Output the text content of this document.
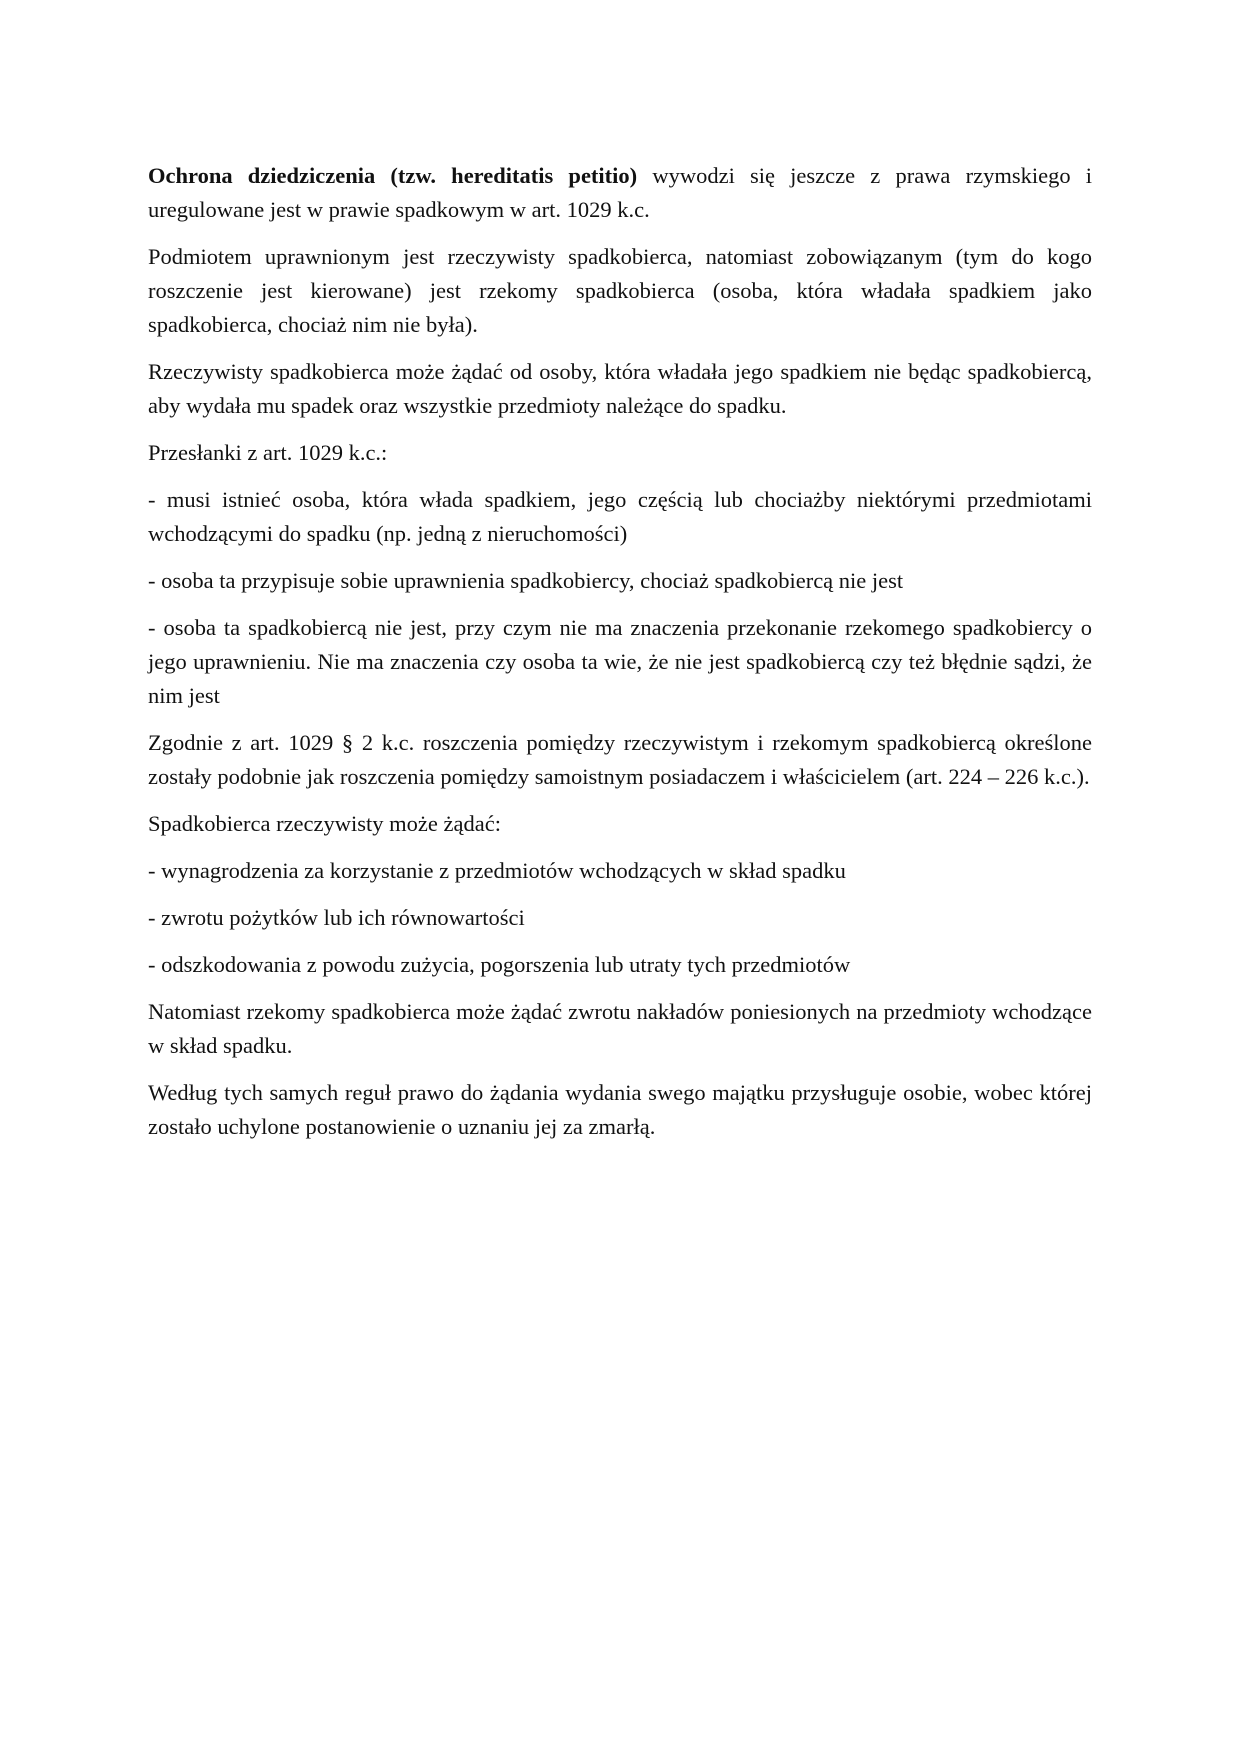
Ochrona dziedziczenia (tzw. hereditatis petitio) wywodzi się jeszcze z prawa rzymskiego i uregulowane jest w prawie spadkowym w art. 1029 k.c.

Podmiotem uprawnionym jest rzeczywisty spadkobierca, natomiast zobowiązanym (tym do kogo roszczenie jest kierowane) jest rzekomy spadkobierca (osoba, która władała spadkiem jako spadkobierca, chociaż nim nie była).

Rzeczywisty spadkobierca może żądać od osoby, która władała jego spadkiem nie będąc spadkobiercą, aby wydała mu spadek oraz wszystkie przedmioty należące do spadku.

Przesłanki z art. 1029 k.c.:

- musi istnieć osoba, która włada spadkiem, jego częścią lub chociażby niektórymi przedmiotami wchodzącymi do spadku (np. jedną z nieruchomości)

- osoba ta przypisuje sobie uprawnienia spadkobiercy, chociaż spadkobiercą nie jest

- osoba ta spadkobiercą nie jest, przy czym nie ma znaczenia przekonanie rzekomego spadkobiercy o jego uprawnieniu. Nie ma znaczenia czy osoba ta wie, że nie jest spadkobiercą czy też błędnie sądzi, że nim jest

Zgodnie z art. 1029 § 2 k.c. roszczenia pomiędzy rzeczywistym i rzekomym spadkobiercą określone zostały podobnie jak roszczenia pomiędzy samoistnym posiadaczem i właścicielem (art. 224 – 226 k.c.).

Spadkobierca rzeczywisty może żądać:

- wynagrodzenia za korzystanie z przedmiotów wchodzących w skład spadku

- zwrotu pożytków lub ich równowartości

- odszkodowania z powodu zużycia, pogorszenia lub utraty tych przedmiotów

Natomiast rzekomy spadkobierca może żądać zwrotu nakładów poniesionych na przedmioty wchodzące w skład spadku.

Według tych samych reguł prawo do żądania wydania swego majątku przysługuje osobie, wobec której zostało uchylone postanowienie o uznaniu jej za zmarłą.
